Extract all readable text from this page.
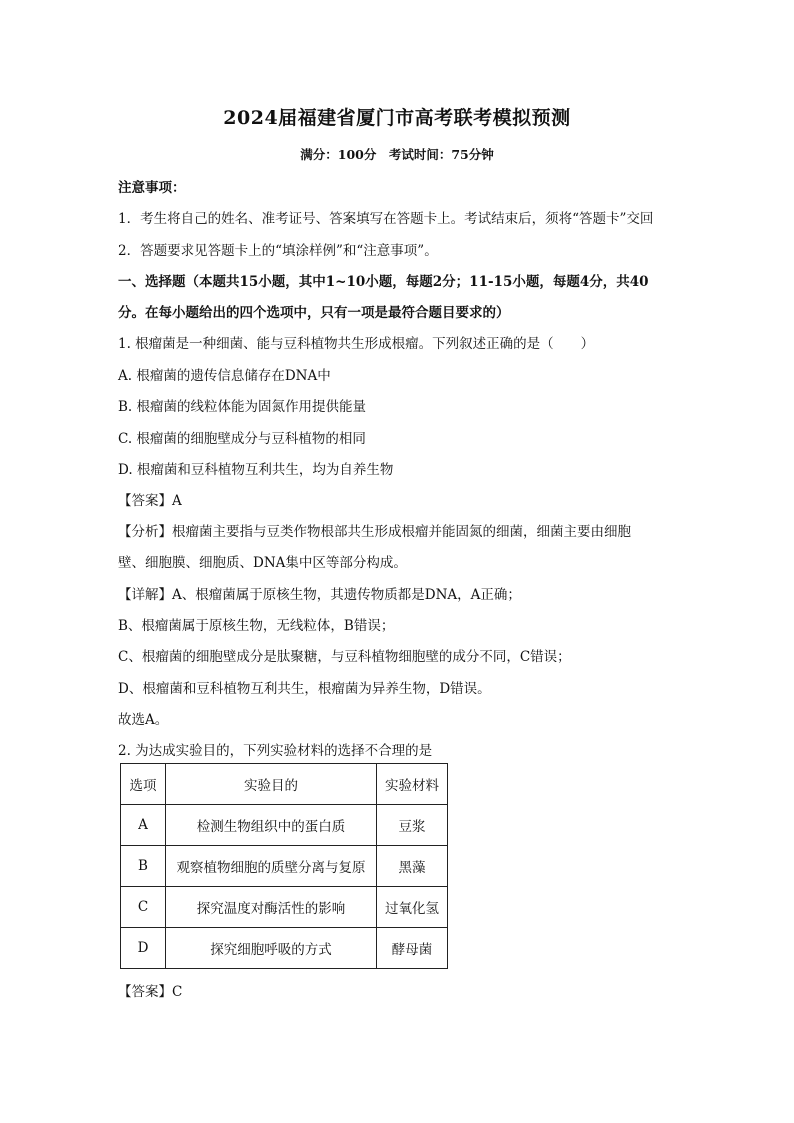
2024届福建省厦门市高考联考模拟预测
满分：100分　考试时间：75分钟
注意事项：
1．考生将自己的姓名、准考证号、答案填写在答题卡上。考试结束后，须将“答题卡”交回
2．答题要求见答题卡上的“填涂样例”和“注意事项”。
一、选择题（本题共15小题，其中1~10小题，每题2分；11-15小题，每题4分，共40
分。在每小题给出的四个选项中，只有一项是最符合题目要求的）
1. 根瘤菌是一种细菌、能与豆科植物共生形成根瘤。下列叙述正确的是（　　）
A. 根瘤菌的遗传信息储存在DNA中
B. 根瘤菌的线粒体能为固氮作用提供能量
C. 根瘤菌的细胞壁成分与豆科植物的相同
D. 根瘤菌和豆科植物互利共生，均为自养生物
【答案】A
【分析】根瘤菌主要指与豆类作物根部共生形成根瘤并能固氮的细菌，细菌主要由细胞
壁、细胞膜、细胞质、DNA集中区等部分构成。
【详解】A、根瘤菌属于原核生物，其遗传物质都是DNA，A正确；
B、根瘤菌属于原核生物，无线粒体，B错误；
C、根瘤菌的细胞壁成分是肽聚糖，与豆科植物细胞壁的成分不同，C错误；
D、根瘤菌和豆科植物互利共生，根瘤菌为异养生物，D错误。
故选A。
2. 为达成实验目的，下列实验材料的选择不合理的是
选项	实验目的	实验材料
A	检测生物组织中的蛋白质	豆浆
B	观察植物细胞的质壁分离与复原	黑藻
C	探究温度对酶活性的影响	过氧化氢
D	探究细胞呼吸的方式	酵母菌
【答案】C
